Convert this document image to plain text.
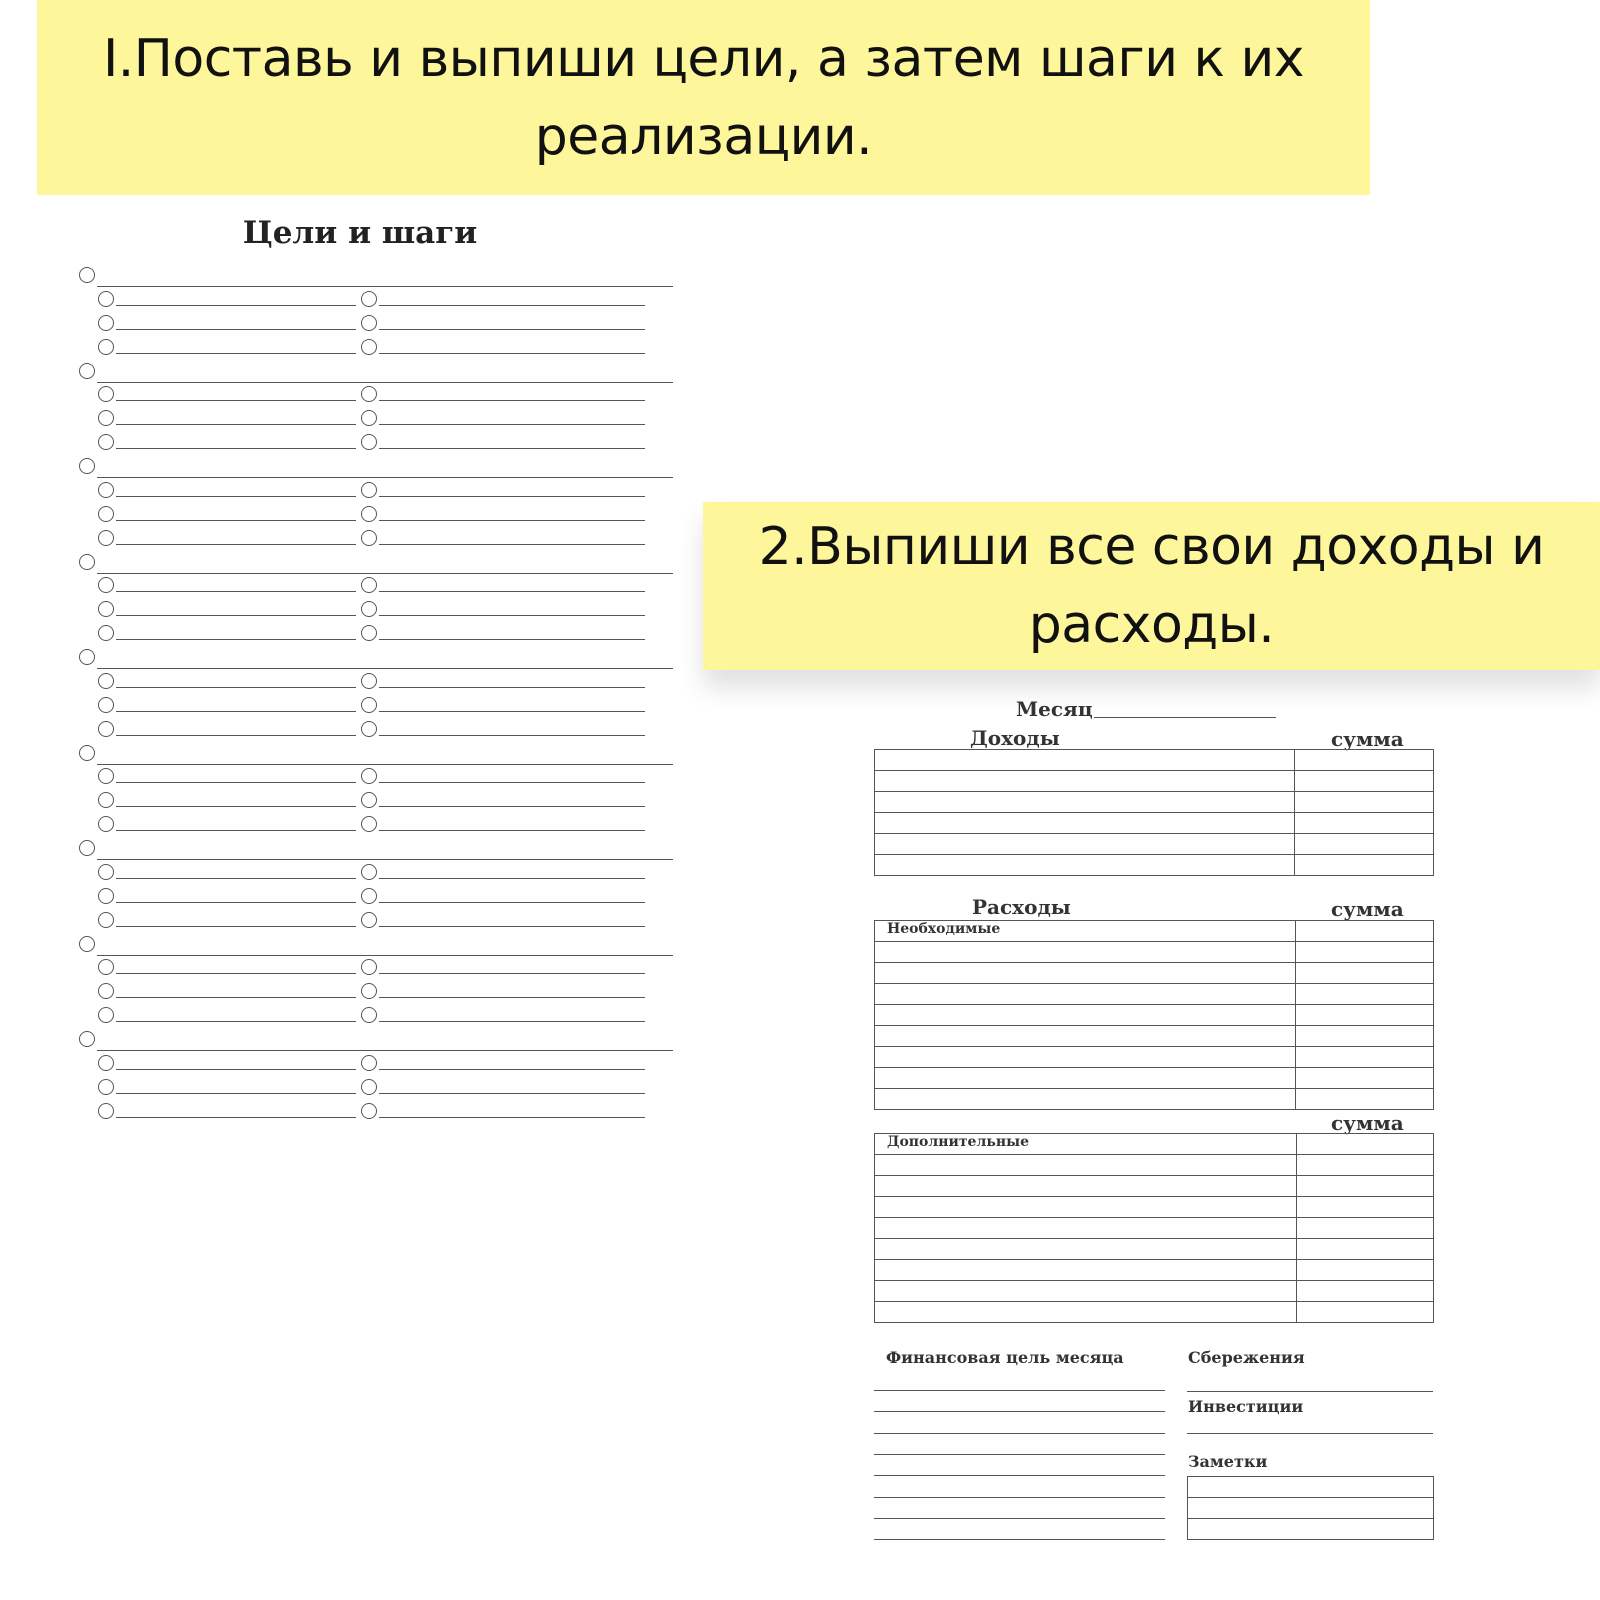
I.Поставь и выпиши цели, а затем шаги к их реализации.
2.Выпиши все свои доходы и расходы.
Цели и шаги
Месяц
Доходы	сумма

Расходы	сумма
Необходимые	

сумма
Дополнительные	

Финансовая цель месяца	Сбережения
Инвестиции
Заметки
